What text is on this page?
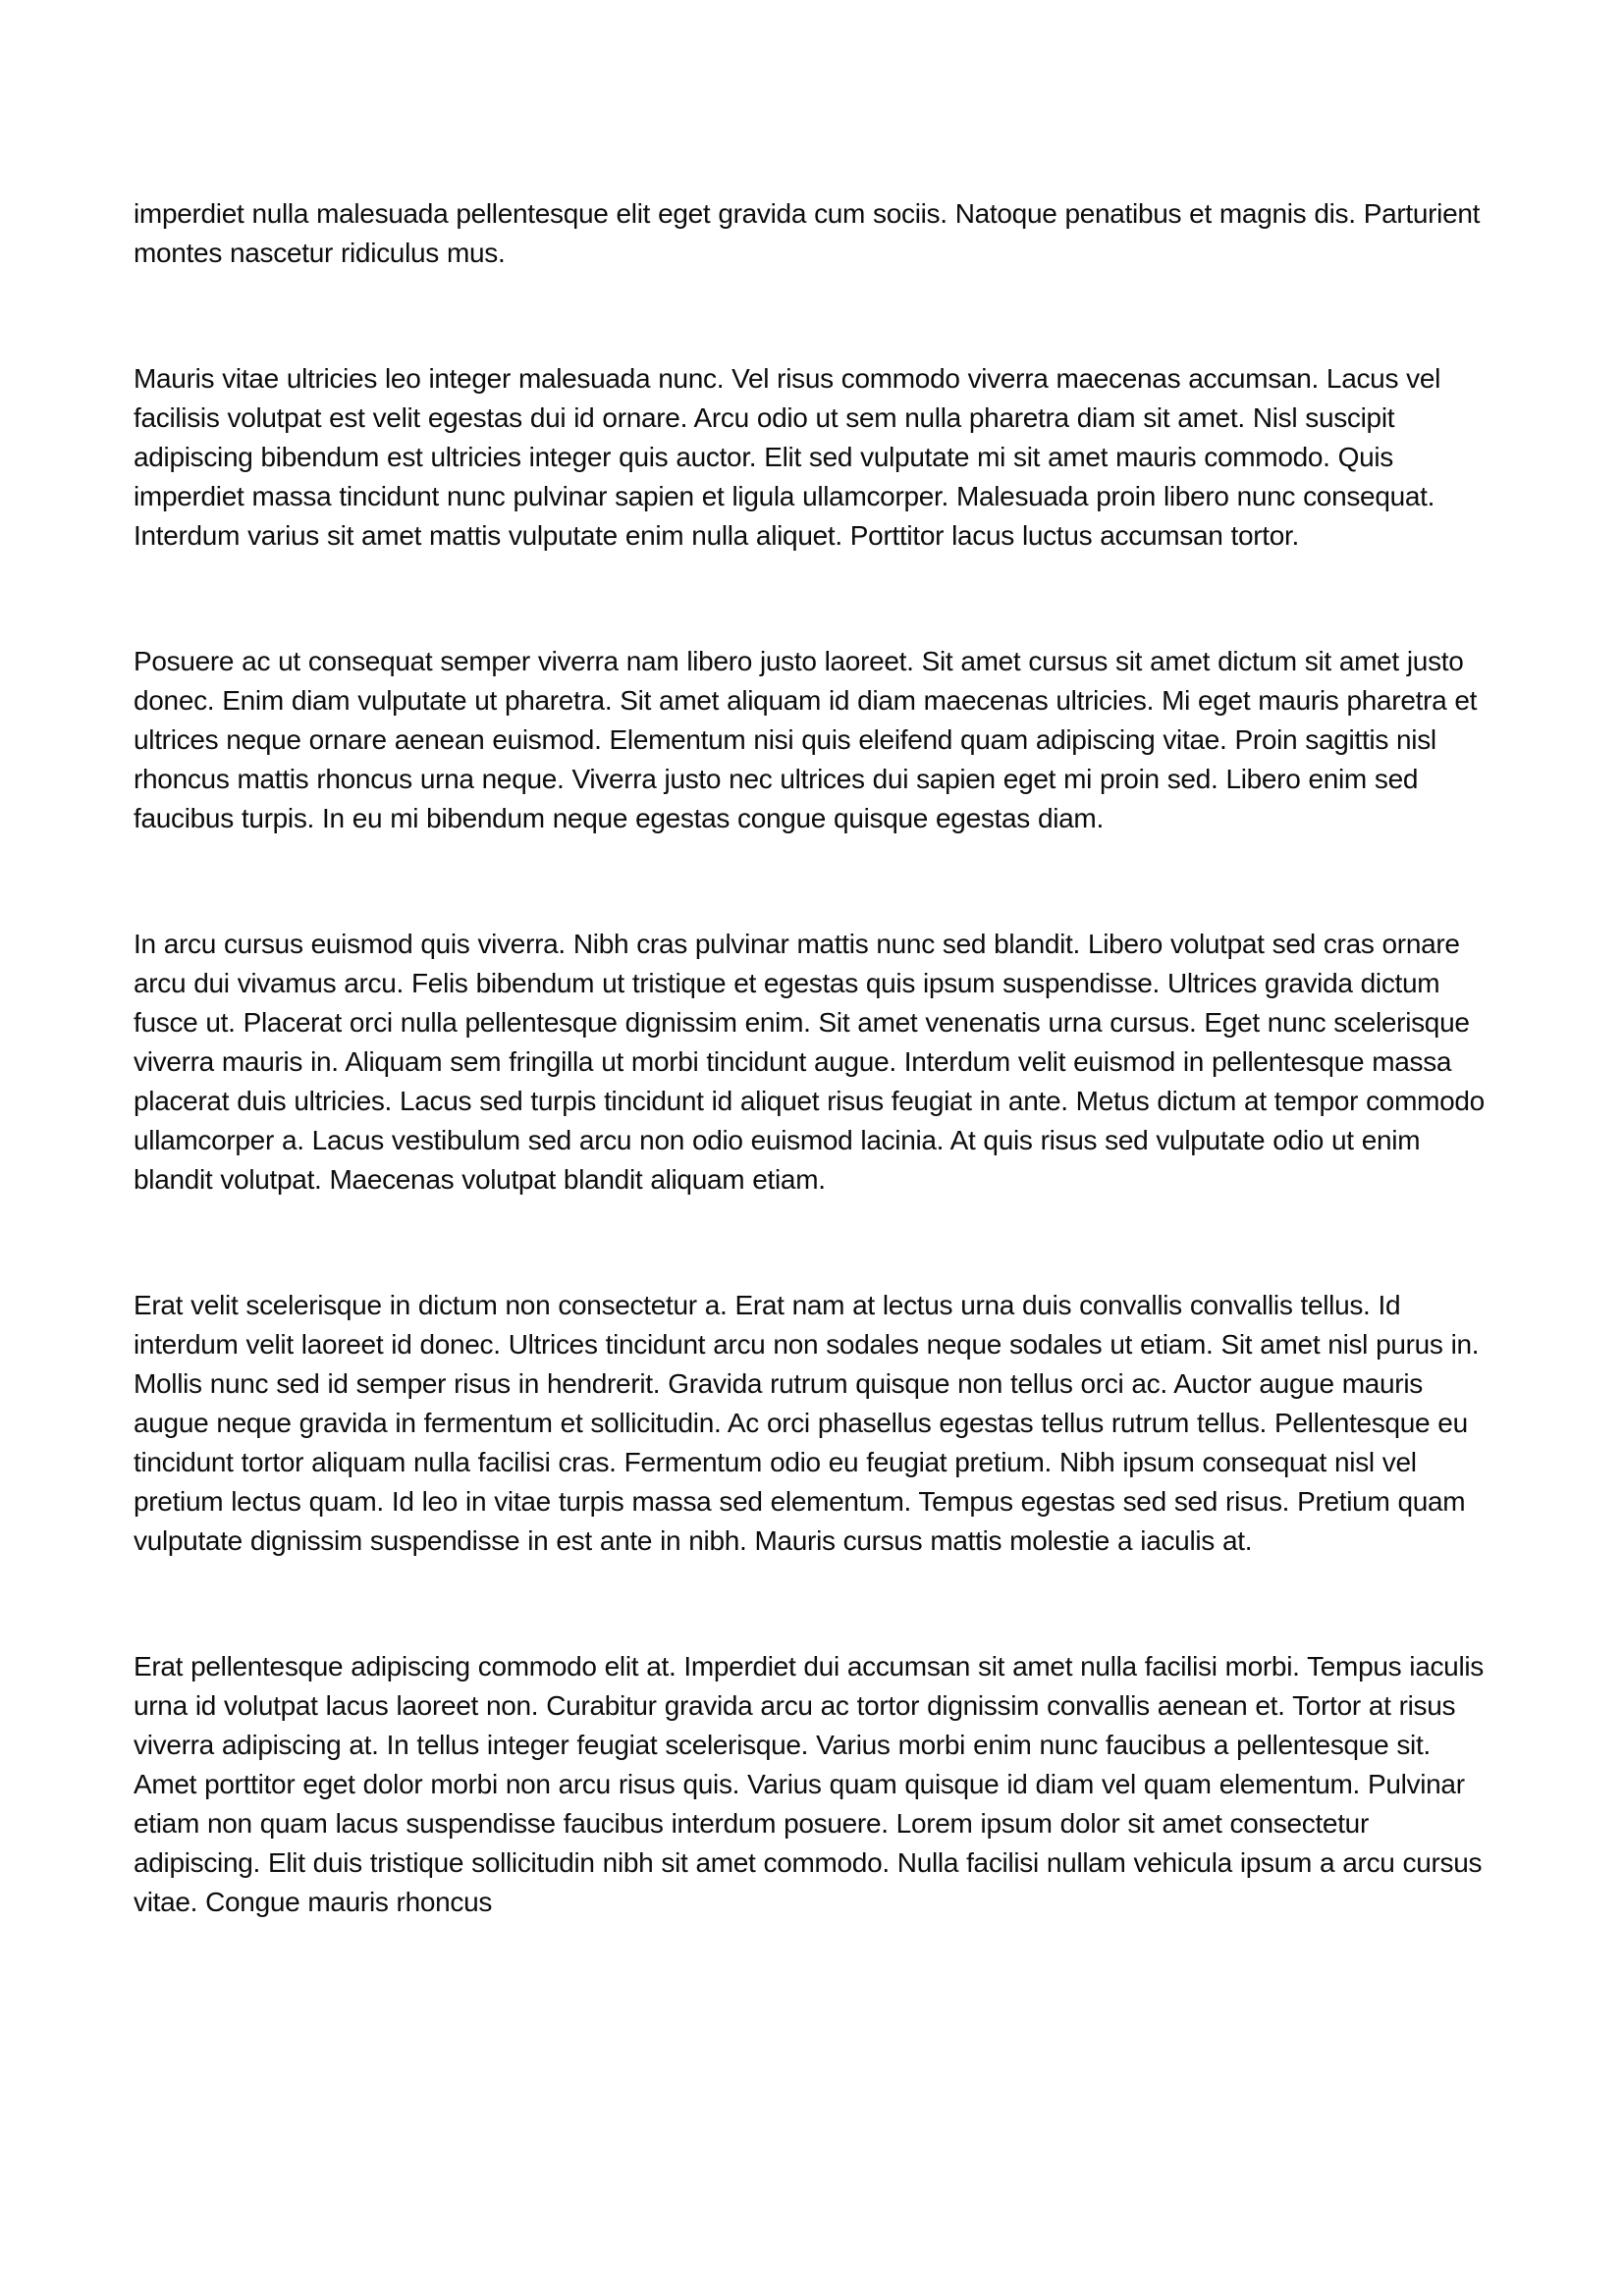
imperdiet nulla malesuada pellentesque elit eget gravida cum sociis. Natoque penatibus et magnis dis. Parturient montes nascetur ridiculus mus.

Mauris vitae ultricies leo integer malesuada nunc. Vel risus commodo viverra maecenas accumsan. Lacus vel facilisis volutpat est velit egestas dui id ornare. Arcu odio ut sem nulla pharetra diam sit amet. Nisl suscipit adipiscing bibendum est ultricies integer quis auctor. Elit sed vulputate mi sit amet mauris commodo. Quis imperdiet massa tincidunt nunc pulvinar sapien et ligula ullamcorper. Malesuada proin libero nunc consequat. Interdum varius sit amet mattis vulputate enim nulla aliquet. Porttitor lacus luctus accumsan tortor.

Posuere ac ut consequat semper viverra nam libero justo laoreet. Sit amet cursus sit amet dictum sit amet justo donec. Enim diam vulputate ut pharetra. Sit amet aliquam id diam maecenas ultricies. Mi eget mauris pharetra et ultrices neque ornare aenean euismod. Elementum nisi quis eleifend quam adipiscing vitae. Proin sagittis nisl rhoncus mattis rhoncus urna neque. Viverra justo nec ultrices dui sapien eget mi proin sed. Libero enim sed faucibus turpis. In eu mi bibendum neque egestas congue quisque egestas diam.

In arcu cursus euismod quis viverra. Nibh cras pulvinar mattis nunc sed blandit. Libero volutpat sed cras ornare arcu dui vivamus arcu. Felis bibendum ut tristique et egestas quis ipsum suspendisse. Ultrices gravida dictum fusce ut. Placerat orci nulla pellentesque dignissim enim. Sit amet venenatis urna cursus. Eget nunc scelerisque viverra mauris in. Aliquam sem fringilla ut morbi tincidunt augue. Interdum velit euismod in pellentesque massa placerat duis ultricies. Lacus sed turpis tincidunt id aliquet risus feugiat in ante. Metus dictum at tempor commodo ullamcorper a. Lacus vestibulum sed arcu non odio euismod lacinia. At quis risus sed vulputate odio ut enim blandit volutpat. Maecenas volutpat blandit aliquam etiam.

Erat velit scelerisque in dictum non consectetur a. Erat nam at lectus urna duis convallis convallis tellus. Id interdum velit laoreet id donec. Ultrices tincidunt arcu non sodales neque sodales ut etiam. Sit amet nisl purus in. Mollis nunc sed id semper risus in hendrerit. Gravida rutrum quisque non tellus orci ac. Auctor augue mauris augue neque gravida in fermentum et sollicitudin. Ac orci phasellus egestas tellus rutrum tellus. Pellentesque eu tincidunt tortor aliquam nulla facilisi cras. Fermentum odio eu feugiat pretium. Nibh ipsum consequat nisl vel pretium lectus quam. Id leo in vitae turpis massa sed elementum. Tempus egestas sed sed risus. Pretium quam vulputate dignissim suspendisse in est ante in nibh. Mauris cursus mattis molestie a iaculis at.

Erat pellentesque adipiscing commodo elit at. Imperdiet dui accumsan sit amet nulla facilisi morbi. Tempus iaculis urna id volutpat lacus laoreet non. Curabitur gravida arcu ac tortor dignissim convallis aenean et. Tortor at risus viverra adipiscing at. In tellus integer feugiat scelerisque. Varius morbi enim nunc faucibus a pellentesque sit. Amet porttitor eget dolor morbi non arcu risus quis. Varius quam quisque id diam vel quam elementum. Pulvinar etiam non quam lacus suspendisse faucibus interdum posuere. Lorem ipsum dolor sit amet consectetur adipiscing. Elit duis tristique sollicitudin nibh sit amet commodo. Nulla facilisi nullam vehicula ipsum a arcu cursus vitae. Congue mauris rhoncus
